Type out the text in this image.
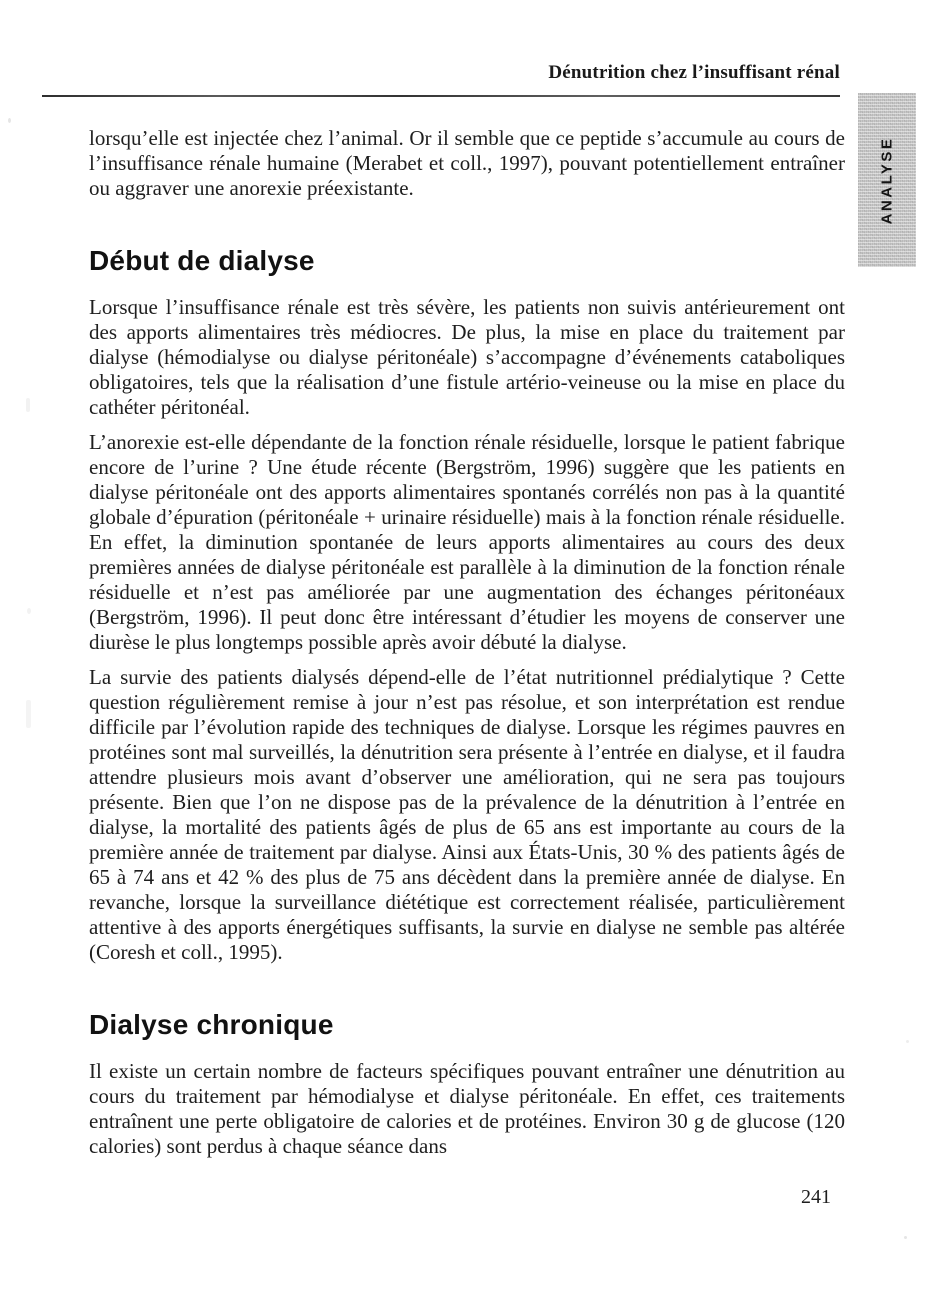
Dénutrition chez l’insuffisant rénal
ANALYSE

lorsqu’elle est injectée chez l’animal. Or il semble que ce peptide s’accumule au cours de l’insuffisance rénale humaine (Merabet et coll., 1997), pouvant potentiellement entraîner ou aggraver une anorexie préexistante.

Début de dialyse

Lorsque l’insuffisance rénale est très sévère, les patients non suivis antérieurement ont des apports alimentaires très médiocres. De plus, la mise en place du traitement par dialyse (hémodialyse ou dialyse péritonéale) s’accompagne d’événements cataboliques obligatoires, tels que la réalisation d’une fistule artério-veineuse ou la mise en place du cathéter péritonéal.

L’anorexie est-elle dépendante de la fonction rénale résiduelle, lorsque le patient fabrique encore de l’urine ? Une étude récente (Bergström, 1996) suggère que les patients en dialyse péritonéale ont des apports alimentaires spontanés corrélés non pas à la quantité globale d’épuration (péritonéale + urinaire résiduelle) mais à la fonction rénale résiduelle. En effet, la diminution spontanée de leurs apports alimentaires au cours des deux premières années de dialyse péritonéale est parallèle à la diminution de la fonction rénale résiduelle et n’est pas améliorée par une augmentation des échanges péritonéaux (Bergström, 1996). Il peut donc être intéressant d’étudier les moyens de conserver une diurèse le plus longtemps possible après avoir débuté la dialyse.

La survie des patients dialysés dépend-elle de l’état nutritionnel prédialytique ? Cette question régulièrement remise à jour n’est pas résolue, et son interprétation est rendue difficile par l’évolution rapide des techniques de dialyse. Lorsque les régimes pauvres en protéines sont mal surveillés, la dénutrition sera présente à l’entrée en dialyse, et il faudra attendre plusieurs mois avant d’observer une amélioration, qui ne sera pas toujours présente. Bien que l’on ne dispose pas de la prévalence de la dénutrition à l’entrée en dialyse, la mortalité des patients âgés de plus de 65 ans est importante au cours de la première année de traitement par dialyse. Ainsi aux États-Unis, 30 % des patients âgés de 65 à 74 ans et 42 % des plus de 75 ans décèdent dans la première année de dialyse. En revanche, lorsque la surveillance diététique est correctement réalisée, particulièrement attentive à des apports énergétiques suffisants, la survie en dialyse ne semble pas altérée (Coresh et coll., 1995).

Dialyse chronique

Il existe un certain nombre de facteurs spécifiques pouvant entraîner une dénutrition au cours du traitement par hémodialyse et dialyse péritonéale. En effet, ces traitements entraînent une perte obligatoire de calories et de protéines. Environ 30 g de glucose (120 calories) sont perdus à chaque séance dans

241
